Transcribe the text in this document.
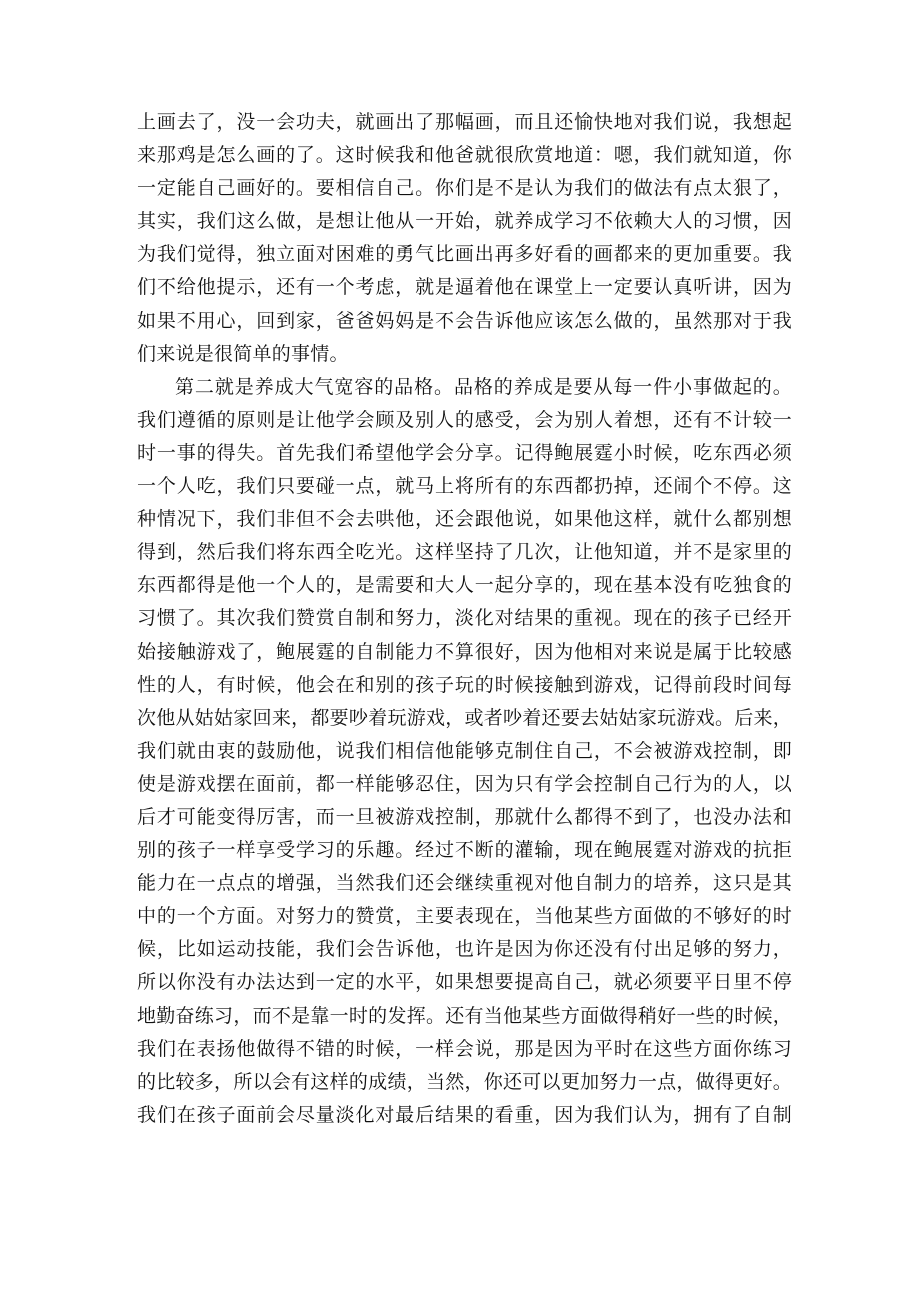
上画去了，没一会功夫，就画出了那幅画，而且还愉快地对我们说，我想起
来那鸡是怎么画的了。这时候我和他爸就很欣赏地道：嗯，我们就知道，你
一定能自己画好的。要相信自己。你们是不是认为我们的做法有点太狠了，
其实，我们这么做，是想让他从一开始，就养成学习不依赖大人的习惯，因
为我们觉得，独立面对困难的勇气比画出再多好看的画都来的更加重要。我
们不给他提示，还有一个考虑，就是逼着他在课堂上一定要认真听讲，因为
如果不用心，回到家，爸爸妈妈是不会告诉他应该怎么做的，虽然那对于我
们来说是很简单的事情。
第二就是养成大气宽容的品格。品格的养成是要从每一件小事做起的。
我们遵循的原则是让他学会顾及别人的感受，会为别人着想，还有不计较一
时一事的得失。首先我们希望他学会分享。记得鲍展霆小时候，吃东西必须
一个人吃，我们只要碰一点，就马上将所有的东西都扔掉，还闹个不停。这
种情况下，我们非但不会去哄他，还会跟他说，如果他这样，就什么都别想
得到，然后我们将东西全吃光。这样坚持了几次，让他知道，并不是家里的
东西都得是他一个人的，是需要和大人一起分享的，现在基本没有吃独食的
习惯了。其次我们赞赏自制和努力，淡化对结果的重视。现在的孩子已经开
始接触游戏了，鲍展霆的自制能力不算很好，因为他相对来说是属于比较感
性的人，有时候，他会在和别的孩子玩的时候接触到游戏，记得前段时间每
次他从姑姑家回来，都要吵着玩游戏，或者吵着还要去姑姑家玩游戏。后来，
我们就由衷的鼓励他，说我们相信他能够克制住自己，不会被游戏控制，即
使是游戏摆在面前，都一样能够忍住，因为只有学会控制自己行为的人，以
后才可能变得厉害，而一旦被游戏控制，那就什么都得不到了，也没办法和
别的孩子一样享受学习的乐趣。经过不断的灌输，现在鲍展霆对游戏的抗拒
能力在一点点的增强，当然我们还会继续重视对他自制力的培养，这只是其
中的一个方面。对努力的赞赏，主要表现在，当他某些方面做的不够好的时
候，比如运动技能，我们会告诉他，也许是因为你还没有付出足够的努力，
所以你没有办法达到一定的水平，如果想要提高自己，就必须要平日里不停
地勤奋练习，而不是靠一时的发挥。还有当他某些方面做得稍好一些的时候，
我们在表扬他做得不错的时候，一样会说，那是因为平时在这些方面你练习
的比较多，所以会有这样的成绩，当然，你还可以更加努力一点，做得更好。
我们在孩子面前会尽量淡化对最后结果的看重，因为我们认为，拥有了自制
